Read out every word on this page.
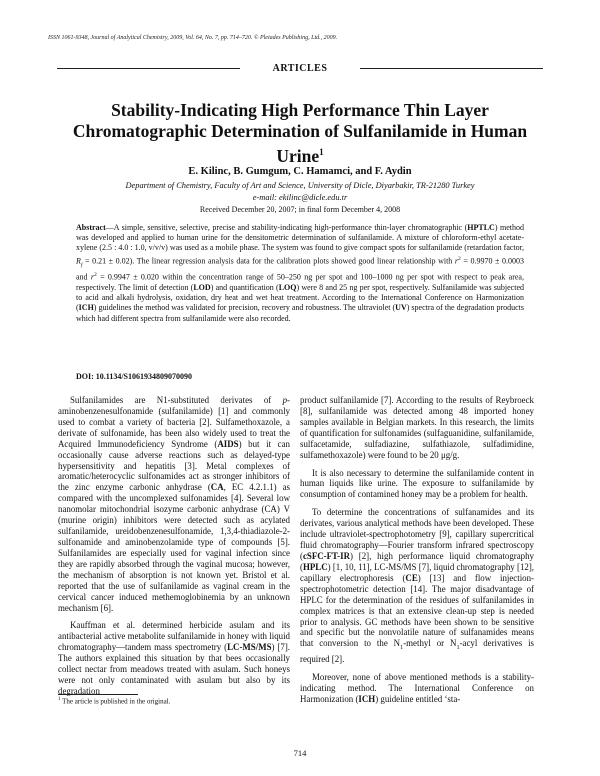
ISSN 1061-9348, Journal of Analytical Chemistry, 2009, Vol. 64, No. 7, pp. 714–720. © Pleiades Publishing, Ltd., 2009.
ARTICLES
Stability-Indicating High Performance Thin Layer Chromatographic Determination of Sulfanilamide in Human Urine$^1$
E. Kilinc, B. Gumgum, C. Hamamci, and F. Aydin
Department of Chemistry, Faculty of Art and Science, University of Dicle, Diyarbakir, TR-21280 Turkey
e-mail: ekilinc@dicle.edu.tr
Received December 20, 2007; in final form December 4, 2008
Abstract—A simple, sensitive, selective, precise and stability-indicating high-performance thin-layer chromatographic (HPTLC) method was developed and applied to human urine for the densitometric determination of sulfanilamide. A mixture of chloroform-ethyl acetate-xylene (2.5 : 4.0 : 1.0, v/v/v) was used as a mobile phase. The system was found to give compact spots for sulfanilamide (retardation factor, $R_f = 0.21 \pm 0.02$). The linear regression analysis data for the calibration plots showed good linear relationship with $r^2 = 0.9970 \pm 0.0003$ and $r^2 = 0.9947 \pm 0.020$ within the concentration range of 50–250 ng per spot and 100–1000 ng per spot with respect to peak area, respectively. The limit of detection (LOD) and quantification (LOQ) were 8 and 25 ng per spot, respectively. Sulfanilamide was subjected to acid and alkali hydrolysis, oxidation, dry heat and wet heat treatment. According to the International Conference on Harmonization (ICH) guidelines the method was validated for precision, recovery and robustness. The ultraviolet (UV) spectra of the degradation products which had different spectra from sulfanilamide were also recorded.
DOI: 10.1134/S1061934809070090

Sulfanilamides are N1-substituted derivates of p-aminobenzenesulfonamide (sulfanilamide) [1] and commonly used to combat a variety of bacteria [2]. Sulfamethoxazole, a derivate of sulfonamide, has been also widely used to treat the Acquired Immunodeficiency Syndrome (AIDS) but it can occasionally cause adverse reactions such as delayed-type hypersensitivity and hepatitis [3]. Metal complexes of aromatic/heterocyclic sulfonamides act as stronger inhibitors of the zinc enzyme carbonic anhydrase (CA, EC 4.2.1.1) as compared with the uncomplexed sulfonamides [4]. Several low nanomolar mitochondrial isozyme carbonic anhydrase (CA) V (murine origin) inhibitors were detected such as acylated sulfanilamide, ureidobenzenesulfonamide, 1,3,4-thiadiazole-2-sulfonamide and aminobenzolamide type of compounds [5]. Sulfanilamides are especially used for vaginal infection since they are rapidly absorbed through the vaginal mucosa; however, the mechanism of absorption is not known yet. Bristol et al. reported that the use of sulfanilamide as vaginal cream in the cervical cancer induced methemoglobinemia by an unknown mechanism [6].

Kauffman et al. determined herbicide asulam and its antibacterial active metabolite sulfanilamide in honey with liquid chromatography—tandem mass spectrometry (LC-MS/MS) [7]. The authors explained this situation by that bees occasionally collect nectar from meadows treated with asulam. Such honeys were not only contaminated with asulam but also by its degradation

product sulfanilamide [7]. According to the results of Reybroeck [8], sulfanilamide was detected among 48 imported honey samples available in Belgian markets. In this research, the limits of quantification for sulfonamides (sulfaguanidine, sulfanilamide, sulfacetamide, sulfadiazine, sulfathiazole, sulfadimidine, sulfamethoxazole) were found to be 20 μg/g.

It is also necessary to determine the sulfanilamide content in human liquids like urine. The exposure to sulfanilamide by consumption of contamined honey may be a problem for health.

To determine the concentrations of sulfanamides and its derivates, various analytical methods have been developed. These include ultraviolet-spectrophotometry [9], capillary supercritical fluid chromatography—Fourier transform infrared spectroscopy (cSFC-FT-IR) [2], high performance liquid chromatography (HPLC) [1, 10, 11], LC-MS/MS [7], liquid chromatography [12], capillary electrophoresis (CE) [13] and flow injection-spectrophotometric detection [14]. The major disadvantage of HPLC for the determination of the residues of sulfanilamides in complex matrices is that an extensive clean-up step is needed prior to analysis. GC methods have been shown to be sensitive and specific but the nonvolatile nature of sulfanamides means that conversion to the $N_1$-methyl or $N_1$-acyl derivatives is required [2].

Moreover, none of above mentioned methods is a stability-indicating method. The International Conference on Harmonization (ICH) guideline entitled ‘sta-

$^1$ The article is published in the original.
714
